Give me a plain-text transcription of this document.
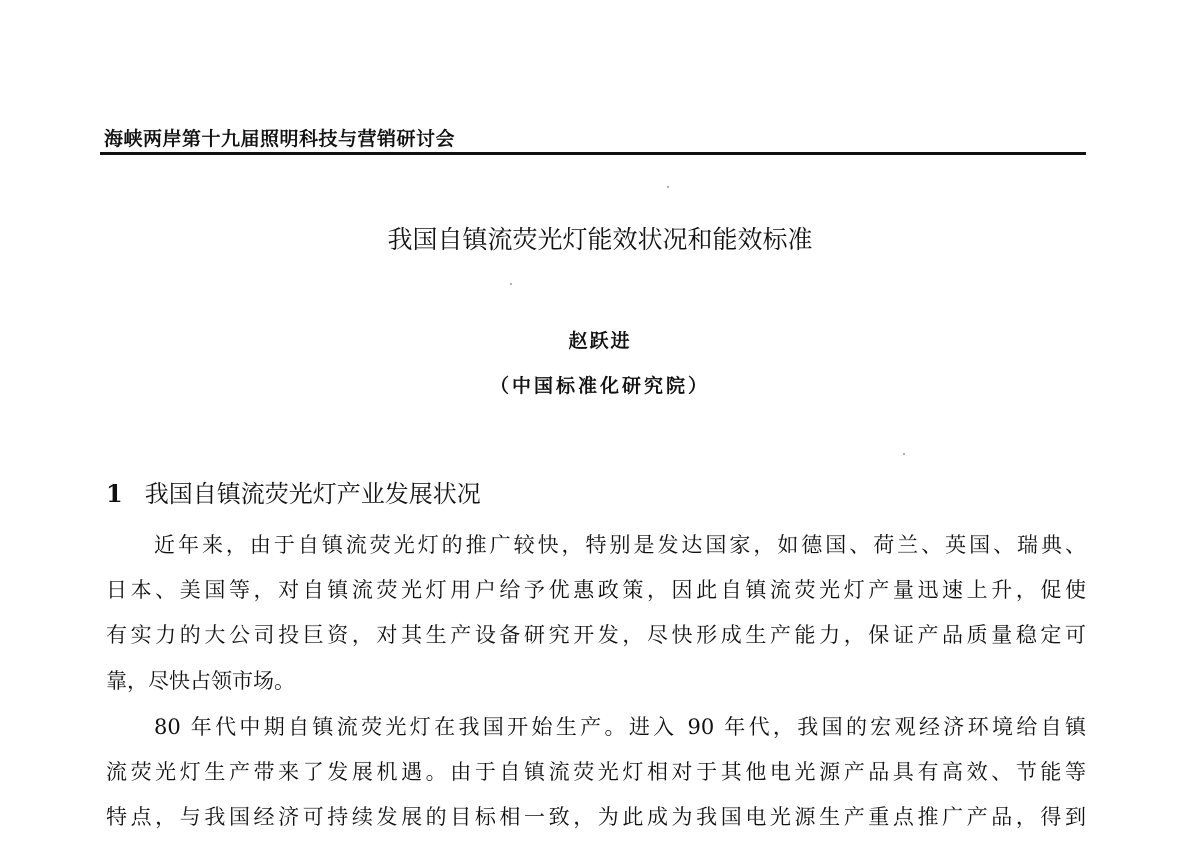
海峡两岸第十九届照明科技与营销研讨会
我国自镇流荧光灯能效状况和能效标准
赵跃进
（中国标准化研究院）
1 我国自镇流荧光灯产业发展状况
近年来，由于自镇流荧光灯的推广较快，特别是发达国家，如德国、荷兰、英国、瑞典、
日本、美国等，对自镇流荧光灯用户给予优惠政策，因此自镇流荧光灯产量迅速上升，促使
有实力的大公司投巨资，对其生产设备研究开发，尽快形成生产能力，保证产品质量稳定可
靠，尽快占领市场。
80 年代中期自镇流荧光灯在我国开始生产。进入 90 年代，我国的宏观经济环境给自镇
流荧光灯生产带来了发展机遇。由于自镇流荧光灯相对于其他电光源产品具有高效、节能等
特点，与我国经济可持续发展的目标相一致，为此成为我国电光源生产重点推广产品，得到
